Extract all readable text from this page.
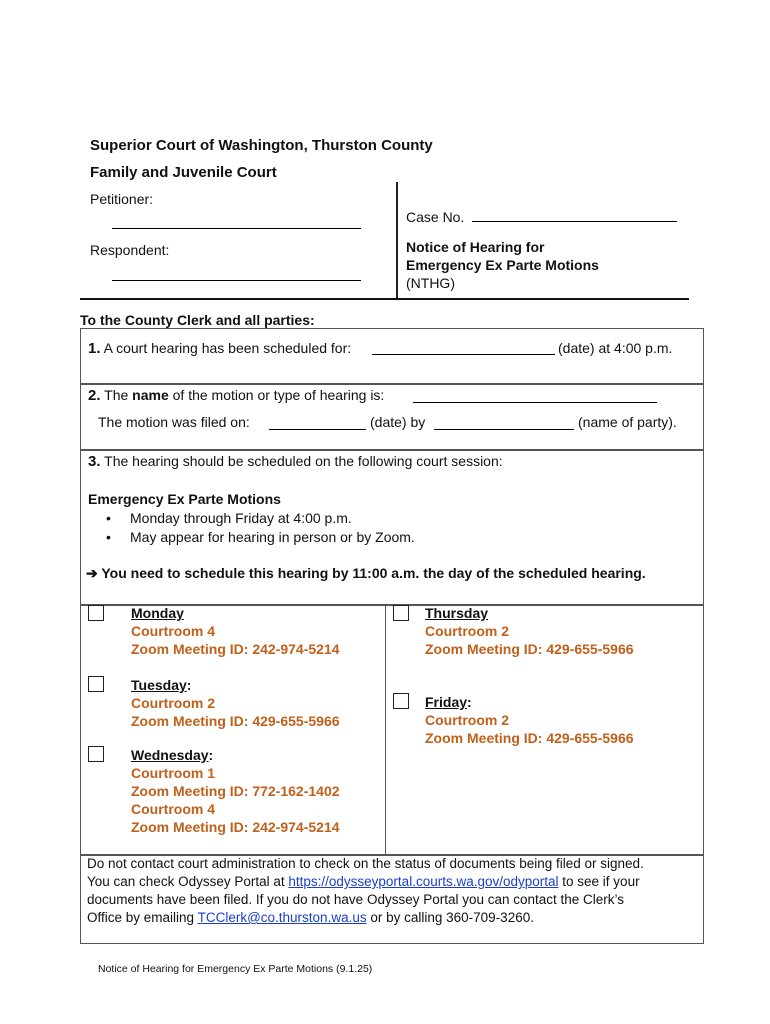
Superior Court of Washington, Thurston County
Family and Juvenile Court
Petitioner:
Respondent:
Case No.
Notice of Hearing for
Emergency Ex Parte Motions
(NTHG)
To the County Clerk and all parties:
1. A court hearing has been scheduled for:	(date) at 4:00 p.m.
2. The name of the motion or type of hearing is:
The motion was filed on:	(date) by	(name of party).
3. The hearing should be scheduled on the following court session:
Emergency Ex Parte Motions
• Monday through Friday at 4:00 p.m.
• May appear for hearing in person or by Zoom.
➔ You need to schedule this hearing by 11:00 a.m. the day of the scheduled hearing.
Monday
Courtroom 4
Zoom Meeting ID: 242-974-5214
Tuesday:
Courtroom 2
Zoom Meeting ID: 429-655-5966
Wednesday:
Courtroom 1
Zoom Meeting ID: 772-162-1402
Courtroom 4
Zoom Meeting ID: 242-974-5214
Thursday
Courtroom 2
Zoom Meeting ID: 429-655-5966
Friday:
Courtroom 2
Zoom Meeting ID: 429-655-5966
Do not contact court administration to check on the status of documents being filed or signed.
You can check Odyssey Portal at https://odysseyportal.courts.wa.gov/odyportal to see if your
documents have been filed. If you do not have Odyssey Portal you can contact the Clerk’s
Office by emailing TCClerk@co.thurston.wa.us or by calling 360-709-3260.
Notice of Hearing for Emergency Ex Parte Motions (9.1.25)
